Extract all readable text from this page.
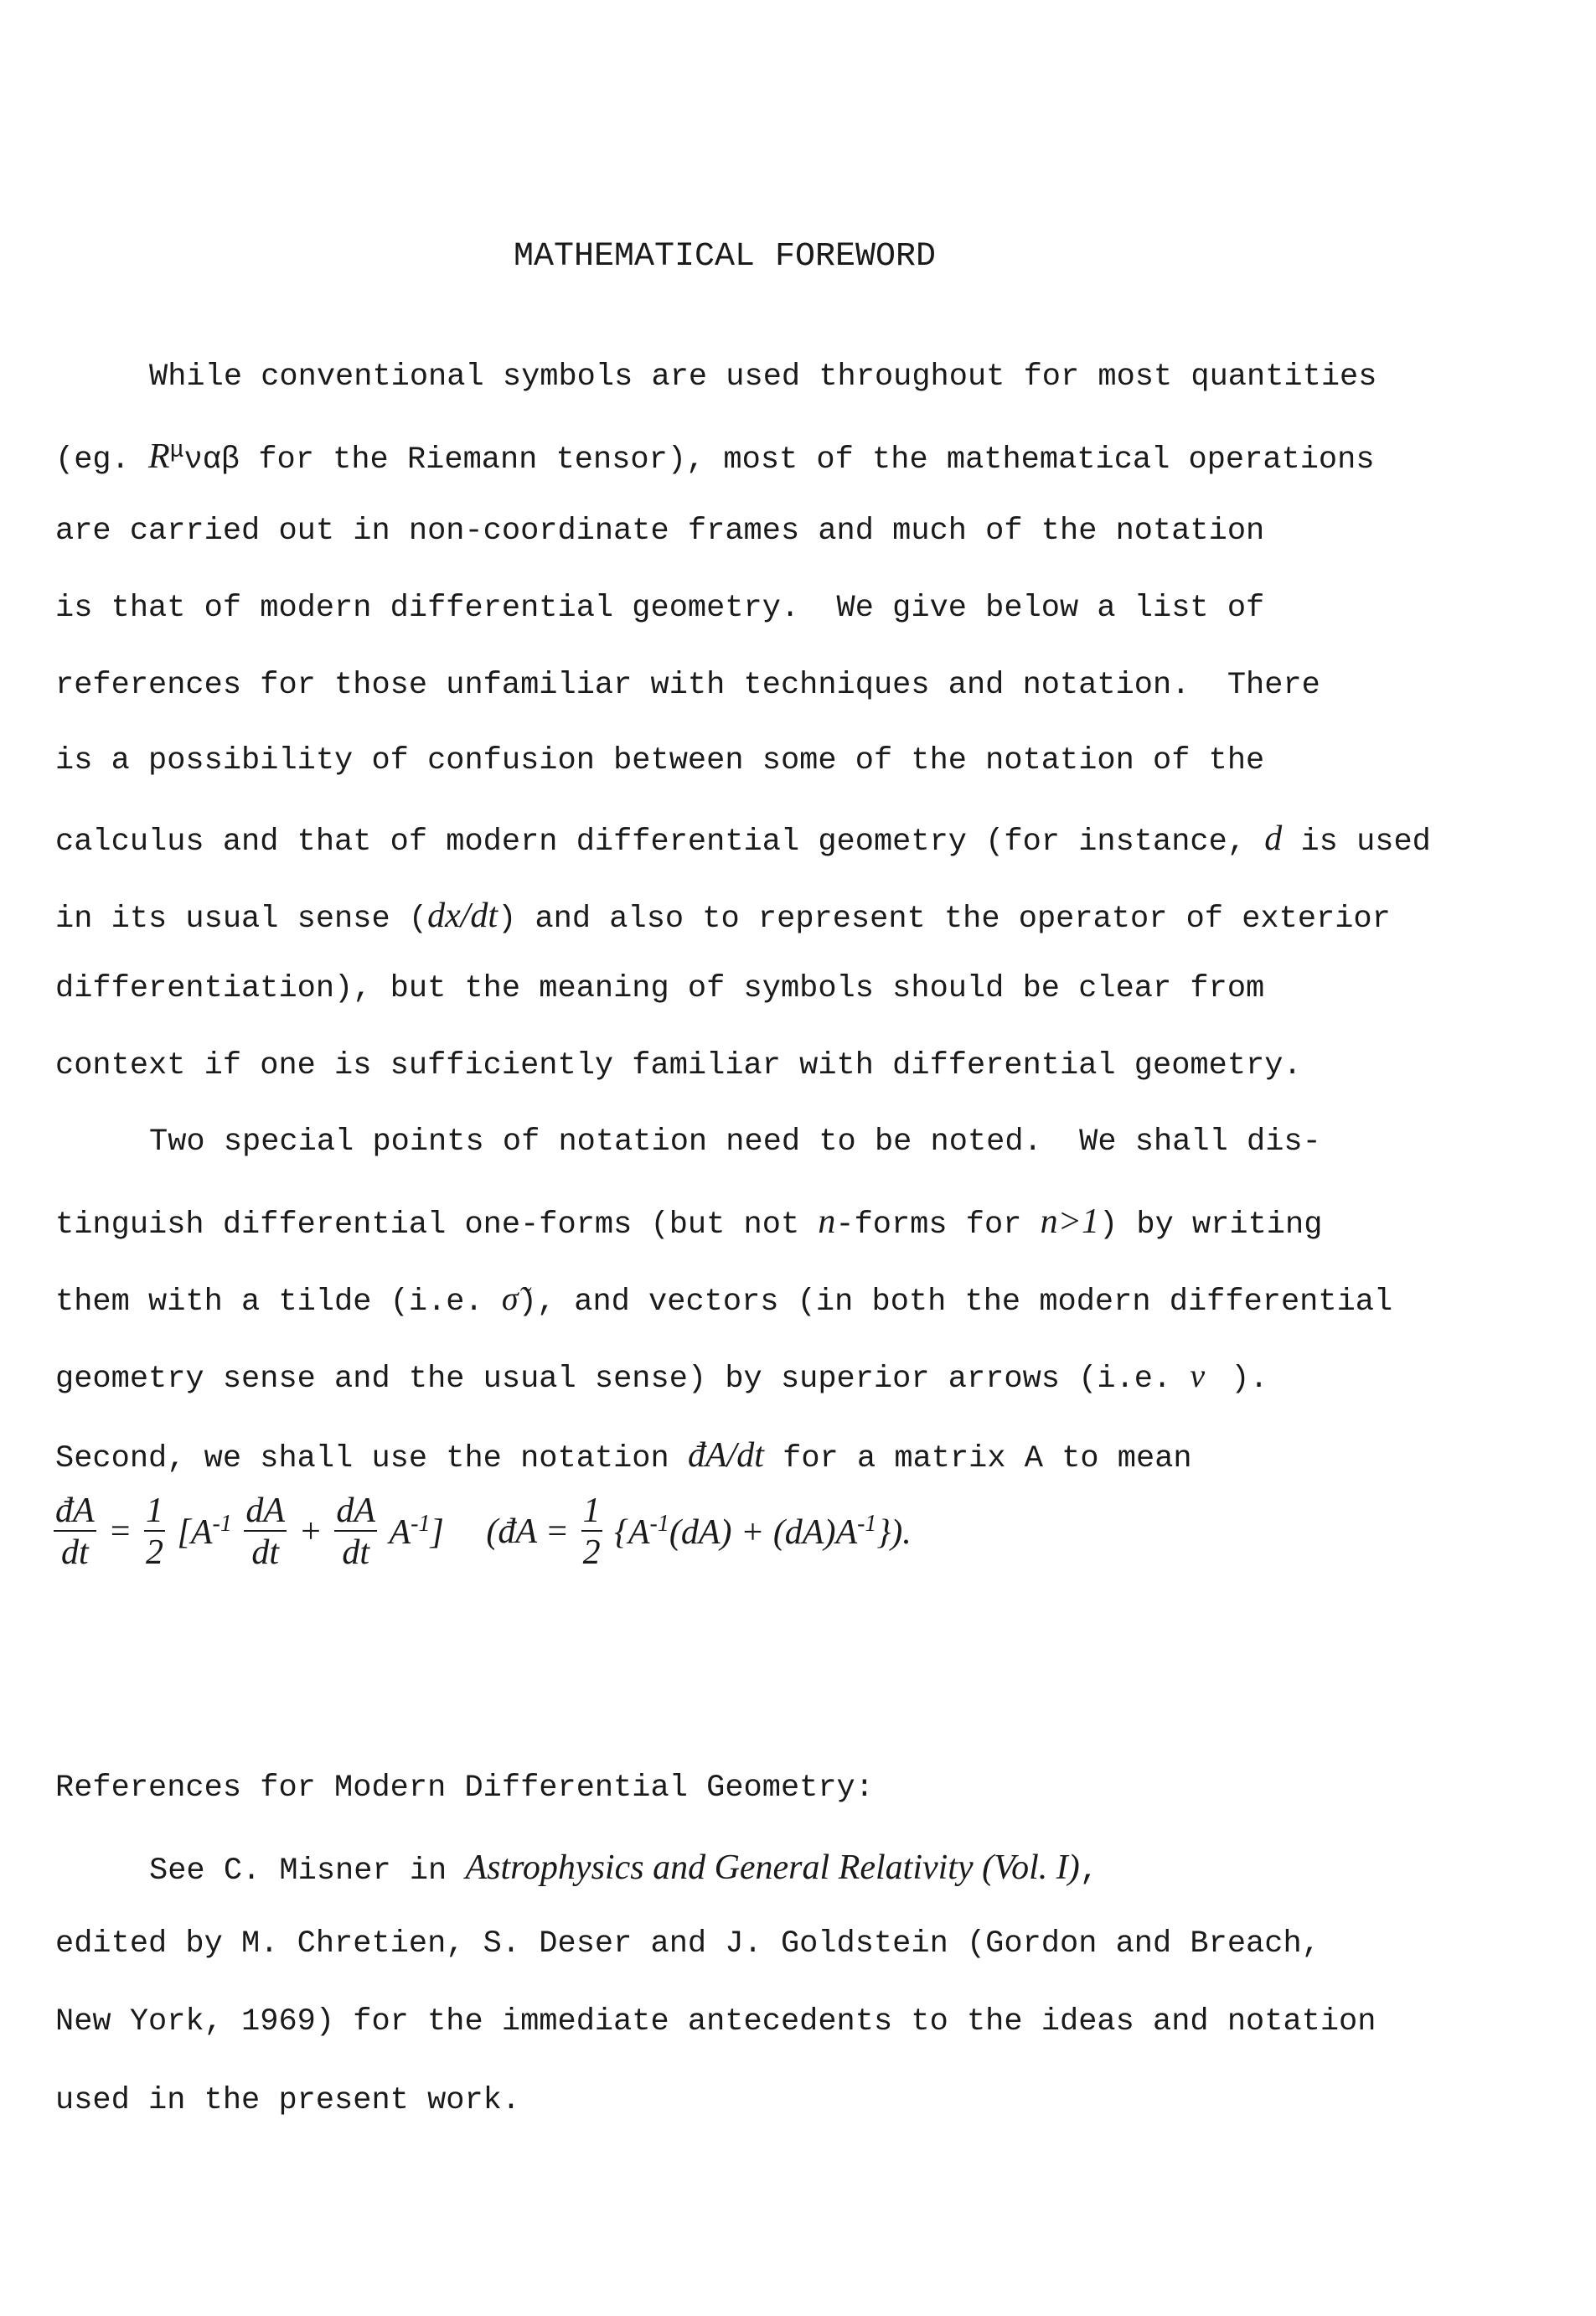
MATHEMATICAL FOREWORD
While conventional symbols are used throughout for most quantities
(eg. $R^\mu\nu\alpha\beta$ for the Riemann tensor), most of the mathematical operations
are carried out in non-coordinate frames and much of the notation
is that of modern differential geometry.  We give below a list of
references for those unfamiliar with techniques and notation.  There
is a possibility of confusion between some of the notation of the
calculus and that of modern differential geometry (for instance, d is used
in its usual sense (dx/dt) and also to represent the operator of exterior
differentiation), but the meaning of symbols should be clear from
context if one is sufficiently familiar with differential geometry.
Two special points of notation need to be noted.  We shall dis-
tinguish differential one-forms (but not n-forms for n>1) by writing
them with a tilde (i.e. σ̃), and vectors (in both the modern differential
geometry sense and the usual sense) by superior arrows (i.e. v⃗).
Second, we shall use the notation đA/dt for a matrix A to mean
$\frac{đA}{dt} = \frac{1}{2} [A^{-1} \frac{dA}{dt} + \frac{dA}{dt} A^{-1}]$ (đA = $\frac{1}{2} \{A^{-1}(dA) + (dA)A^{-1}\}$).
References for Modern Differential Geometry:
See C. Misner in Astrophysics and General Relativity (Vol. I),
edited by M. Chretien, S. Deser and J. Goldstein (Gordon and Breach,
New York, 1969) for the immediate antecedents to the ideas and notation
used in the present work.
